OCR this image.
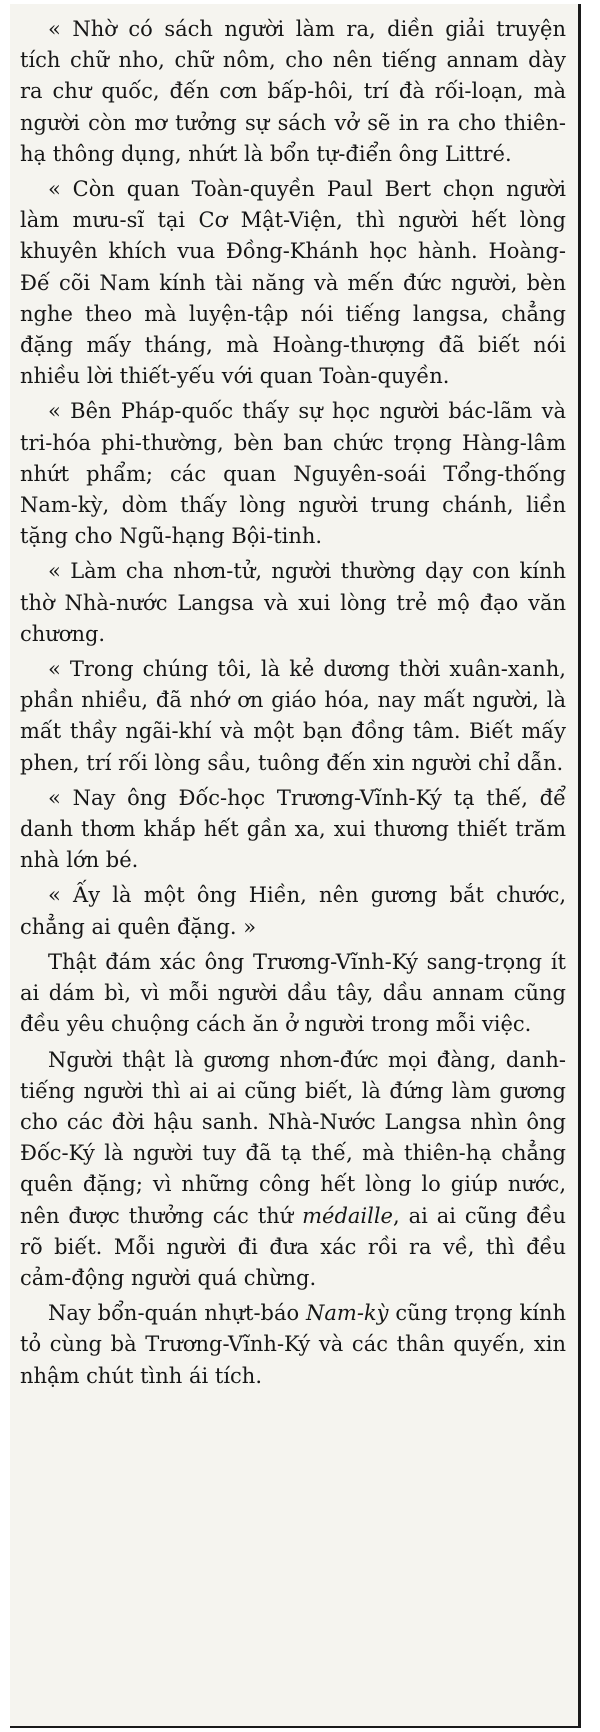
« Nhờ có sách người làm ra, diền giải truyện tích chữ nho, chữ nôm, cho nên tiếng annam dày ra chư quốc, đến cơn bấp-hôi, trí đà rối-loạn, mà người còn mơ tưởng sự sách vở sẽ in ra cho thiên-hạ thông dụng, nhứt là bổn tự-điển ông Littré.

« Còn quan Toàn-quyền Paul Bert chọn người làm mưu-sĩ tại Cơ Mật-Viện, thì người hết lòng khuyên khích vua Đồng-Khánh học hành. Hoàng-Đế cõi Nam kính tài năng và mến đức người, bèn nghe theo mà luyện-tập nói tiếng langsa, chẳng đặng mấy tháng, mà Hoàng-thượng đã biết nói nhiều lời thiết-yếu với quan Toàn-quyền.

« Bên Pháp-quốc thấy sự học người bác-lãm và tri-hóa phi-thường, bèn ban chức trọng Hàng-lâm nhứt phẩm; các quan Nguyên-soái Tổng-thống Nam-kỳ, dòm thấy lòng người trung chánh, liền tặng cho Ngũ-hạng Bội-tinh.

« Làm cha nhơn-tử, người thường dạy con kính thờ Nhà-nước Langsa và xui lòng trẻ mộ đạo văn chương.

« Trong chúng tôi, là kẻ dương thời xuân-xanh, phần nhiều, đã nhớ ơn giáo hóa, nay mất người, là mất thầy ngãi-khí và một bạn đồng tâm. Biết mấy phen, trí rối lòng sầu, tuông đến xin người chỉ dẫn.

« Nay ông Đốc-học Trương-Vĩnh-Ký tạ thế, để danh thơm khắp hết gần xa, xui thương thiết trăm nhà lớn bé.

« Ấy là một ông Hiền, nên gương bắt chước, chẳng ai quên đặng. »

Thật đám xác ông Trương-Vĩnh-Ký sang-trọng ít ai dám bì, vì mỗi người dầu tây, dầu annam cũng đều yêu chuộng cách ăn ở người trong mỗi việc.

Người thật là gương nhơn-đức mọi đàng, danh-tiếng người thì ai ai cũng biết, là đứng làm gương cho các đời hậu sanh. Nhà-Nước Langsa nhìn ông Đốc-Ký là người tuy đã tạ thế, mà thiên-hạ chẳng quên đặng; vì những công hết lòng lo giúp nước, nên được thưởng các thứ médaille, ai ai cũng đều rõ biết. Mỗi người đi đưa xác rồi ra về, thì đều cảm-động người quá chừng.

Nay bổn-quán nhựt-báo Nam-kỳ cũng trọng kính tỏ cùng bà Trương-Vĩnh-Ký và các thân quyến, xin nhậm chút tình ái tích.
